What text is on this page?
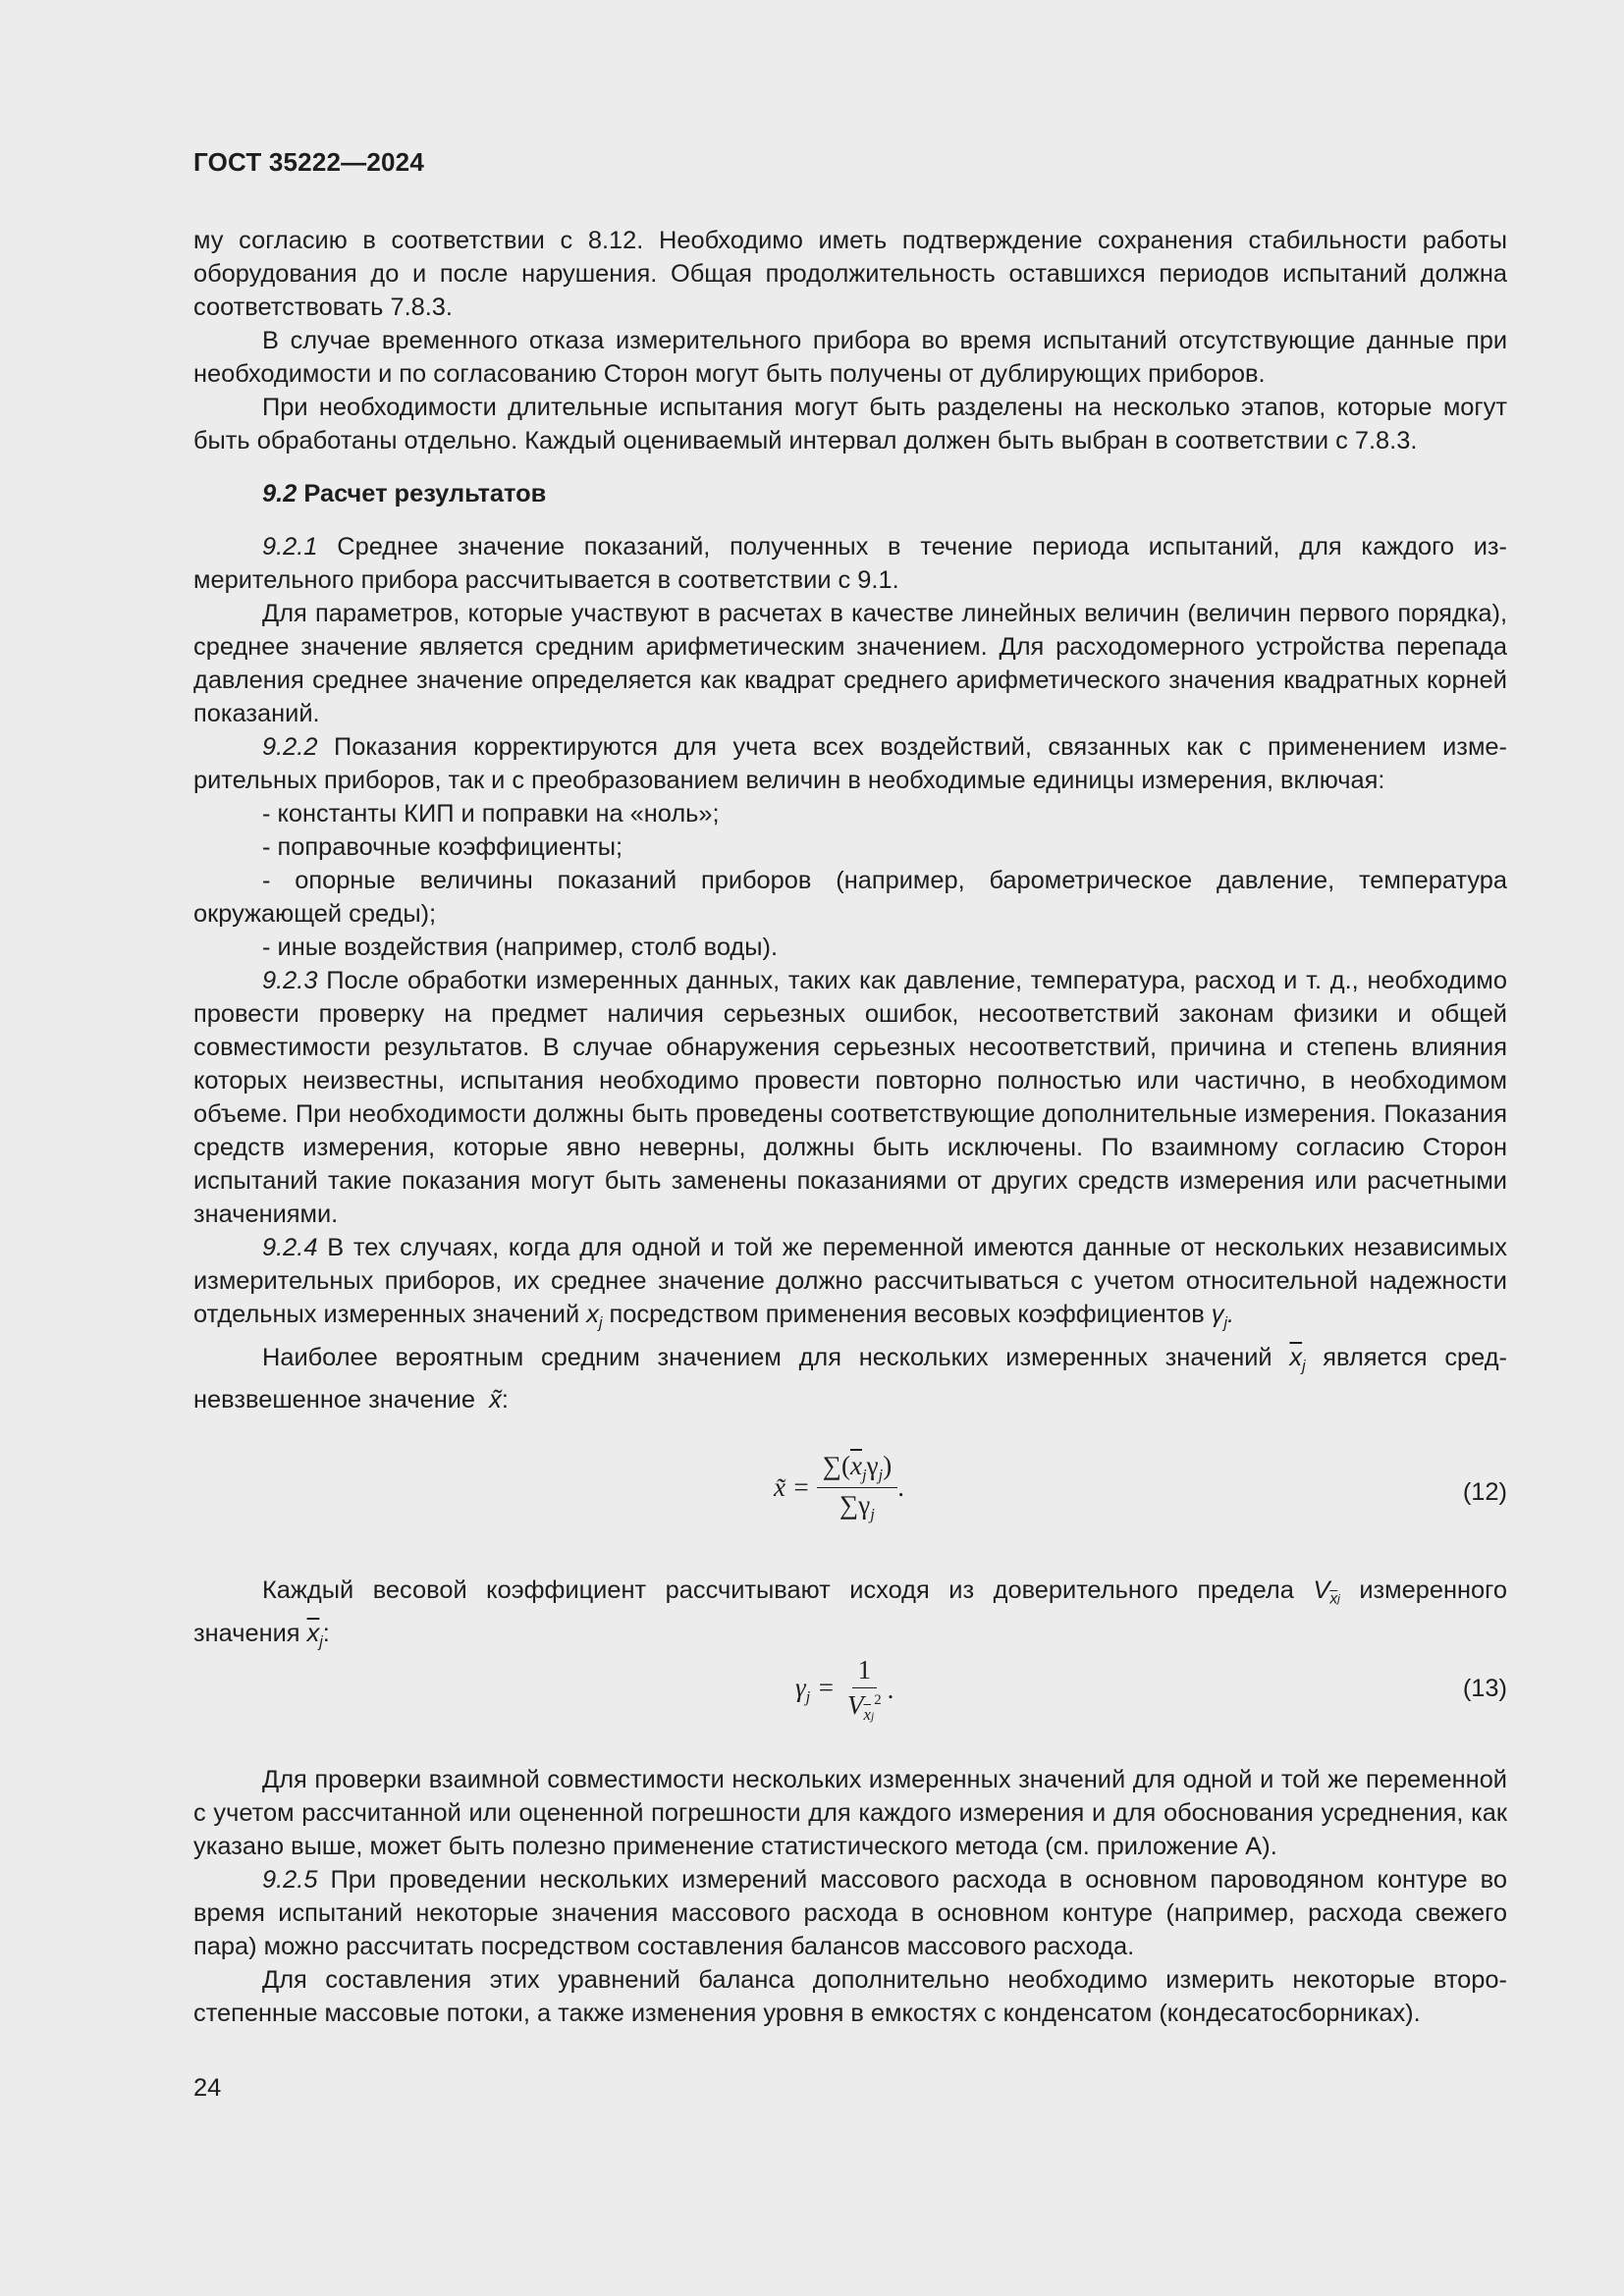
ГОСТ 35222—2024

му согласию в соответствии с 8.12. Необходимо иметь подтверждение сохранения стабильности работы оборудования до и после нарушения. Общая продолжительность оставшихся периодов испытаний должна соответствовать 7.8.3.

В случае временного отказа измерительного прибора во время испытаний отсутствующие данные при необходимости и по согласованию Сторон могут быть получены от дублирующих приборов.

При необходимости длительные испытания могут быть разделены на несколько этапов, которые могут быть обработаны отдельно. Каждый оцениваемый интервал должен быть выбран в соответствии с 7.8.3.

9.2 Расчет результатов

9.2.1 Среднее значение показаний, полученных в течение периода испытаний, для каждого измерительного прибора рассчитывается в соответствии с 9.1.

Для параметров, которые участвуют в расчетах в качестве линейных величин (величин первого порядка), среднее значение является средним арифметическим значением. Для расходомерного устройства перепада давления среднее значение определяется как квадрат среднего арифметического значения квадратных корней показаний.

9.2.2 Показания корректируются для учета всех воздействий, связанных как с применением измерительных приборов, так и с преобразованием величин в необходимые единицы измерения, включая:

- константы КИП и поправки на «ноль»;

- поправочные коэффициенты;

- опорные величины показаний приборов (например, барометрическое давление, температура окружающей среды);

- иные воздействия (например, столб воды).

9.2.3 После обработки измеренных данных, таких как давление, температура, расход и т. д., необходимо провести проверку на предмет наличия серьезных ошибок, несоответствий законам физики и общей совместимости результатов. В случае обнаружения серьезных несоответствий, причина и степень влияния которых неизвестны, испытания необходимо провести повторно полностью или частично, в необходимом объеме. При необходимости должны быть проведены соответствующие дополнительные измерения. Показания средств измерения, которые явно неверны, должны быть исключены. По взаимному согласию Сторон испытаний такие показания могут быть заменены показаниями от других средств измерения или расчетными значениями.

9.2.4 В тех случаях, когда для одной и той же переменной имеются данные от нескольких независимых измерительных приборов, их среднее значение должно рассчитываться с учетом относительной надежности отдельных измеренных значений $x_j$ посредством применения весовых коэффициентов $\gamma_j$.

Наиболее вероятным средним значением для нескольких измеренных значений $\overline{x}_j$ является средневзвешенное значение  x̃:

x̃ = $\frac{\sum(\overline{x}_j\gamma_j)}{\sum\gamma_j}$ .	(12)

Каждый весовой коэффициент рассчитывают исходя из доверительного предела $V_{\overline{x}j}$ измеренного значения $\overline{x}_j$:

$\gamma_j = \frac{1}{V_{\overline{x}j}^2}$ .	(13)

Для проверки взаимной совместимости нескольких измеренных значений для одной и той же переменной с учетом рассчитанной или оцененной погрешности для каждого измерения и для обоснования усреднения, как указано выше, может быть полезно применение статистического метода (см. приложение А).

9.2.5 При проведении нескольких измерений массового расхода в основном пароводяном контуре во время испытаний некоторые значения массового расхода в основном контуре (например, расхода свежего пара) можно рассчитать посредством составления балансов массового расхода.

Для составления этих уравнений баланса дополнительно необходимо измерить некоторые второстепенные массовые потоки, а также изменения уровня в емкостях с конденсатом (кондесатосборниках).

24
